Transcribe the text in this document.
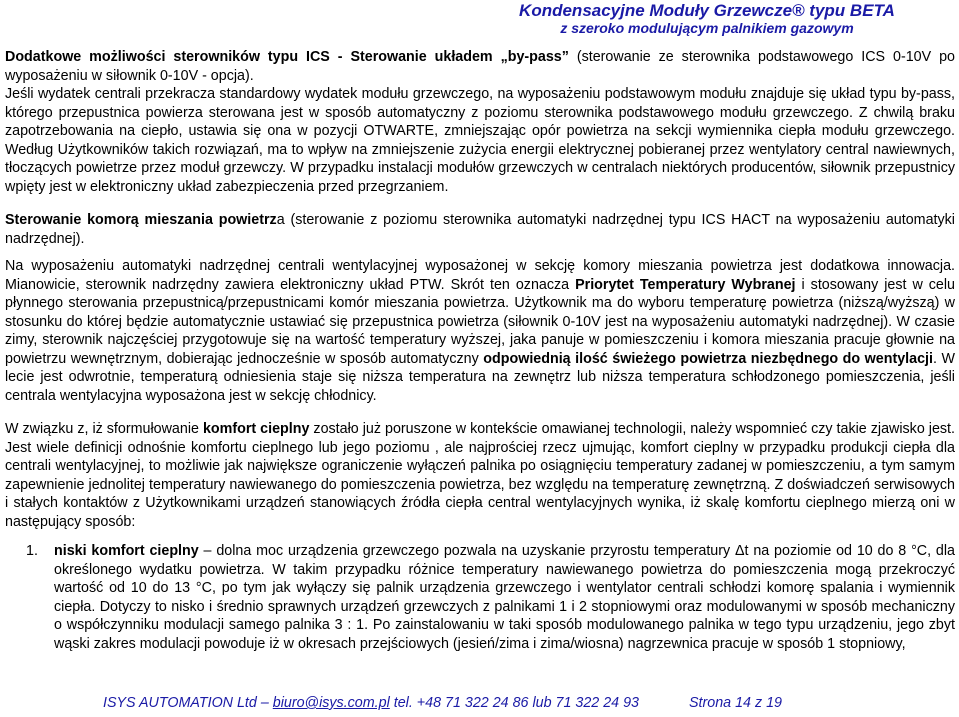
Kondensacyjne Moduły Grzewcze® typu BETA
z szeroko modulującym palnikiem gazowym

Dodatkowe możliwości sterowników typu ICS - Sterowanie układem „by-pass” (sterowanie ze sterownika podstawowego ICS 0-10V po wyposażeniu w siłownik 0-10V - opcja).

Jeśli wydatek centrali przekracza standardowy wydatek modułu grzewczego, na wyposażeniu podstawowym modułu znajduje się układ typu by-pass, którego przepustnica powierza sterowana jest w sposób automatyczny z poziomu sterownika podstawowego modułu grzewczego. Z chwilą braku zapotrzebowania na ciepło, ustawia się ona w pozycji OTWARTE, zmniejszając opór powietrza na sekcji wymiennika ciepła modułu grzewczego. Według Użytkowników takich rozwiązań, ma to wpływ na zmniejszenie zużycia energii elektrycznej pobieranej przez wentylatory central nawiewnych, tłoczących powietrze przez moduł grzewczy. W przypadku instalacji modułów grzewczych w centralach niektórych producentów, siłownik przepustnicy wpięty jest w elektroniczny układ zabezpieczenia przed przegrzaniem.

Sterowanie komorą mieszania powietrza (sterowanie z poziomu sterownika automatyki nadrzędnej typu ICS HACT na wyposażeniu automatyki nadrzędnej).

Na wyposażeniu automatyki nadrzędnej centrali wentylacyjnej wyposażonej w sekcję komory mieszania powietrza jest dodatkowa innowacja. Mianowicie, sterownik nadrzędny zawiera elektroniczny układ PTW. Skrót ten oznacza Priorytet Temperatury Wybranej i stosowany jest w celu płynnego sterowania przepustnicą/przepustnicami komór mieszania powietrza. Użytkownik ma do wyboru temperaturę powietrza (niższą/wyższą) w stosunku do której będzie automatycznie ustawiać się przepustnica powietrza (siłownik 0-10V jest na wyposażeniu automatyki nadrzędnej). W czasie zimy, sterownik najczęściej przygotowuje się na wartość temperatury wyższej, jaka panuje w pomieszczeniu i komora mieszania pracuje głownie na powietrzu wewnętrznym, dobierając jednocześnie w sposób automatyczny odpowiednią ilość świeżego powietrza niezbędnego do wentylacji. W lecie jest odwrotnie, temperaturą odniesienia staje się niższa temperatura na zewnętrz lub niższa temperatura schłodzonego pomieszczenia, jeśli centrala wentylacyjna wyposażona jest w sekcję chłodnicy.

W związku z, iż sformułowanie komfort cieplny zostało już poruszone w kontekście omawianej technologii, należy wspomnieć czy takie zjawisko jest. Jest wiele definicji odnośnie komfortu cieplnego lub jego poziomu , ale najprościej rzecz ujmując, komfort cieplny w przypadku produkcji ciepła dla centrali wentylacyjnej, to możliwie jak największe ograniczenie wyłączeń palnika po osiągnięciu temperatury zadanej w pomieszczeniu, a tym samym zapewnienie jednolitej temperatury nawiewanego do pomieszczenia powietrza, bez względu na temperaturę zewnętrzną. Z doświadczeń serwisowych i stałych kontaktów z Użytkownikami urządzeń stanowiących źródła ciepła central wentylacyjnych wynika, iż skalę komfortu cieplnego mierzą oni w następujący sposób:

1. niski komfort cieplny – dolna moc urządzenia grzewczego pozwala na uzyskanie przyrostu temperatury Δt na poziomie od 10 do 8 °C, dla określonego wydatku powietrza. W takim przypadku różnice temperatury nawiewanego powietrza do pomieszczenia mogą przekroczyć wartość od 10 do 13 °C, po tym jak wyłączy się palnik urządzenia grzewczego i wentylator centrali schłodzi komorę spalania i wymiennik ciepła. Dotyczy to nisko i średnio sprawnych urządzeń grzewczych z palnikami 1 i 2 stopniowymi oraz modulowanymi w sposób mechaniczny o współczynniku modulacji samego palnika 3 : 1. Po zainstalowaniu w taki sposób modulowanego palnika w tego typu urządzeniu, jego zbyt wąski zakres modulacji powoduje iż w okresach przejściowych (jesień/zima i zima/wiosna) nagrzewnica pracuje w sposób 1 stopniowy,
ISYS AUTOMATION Ltd – biuro@isys.com.pl tel. +48 71 322 24 86 lub 71 322 24 93	Strona 14 z 19
